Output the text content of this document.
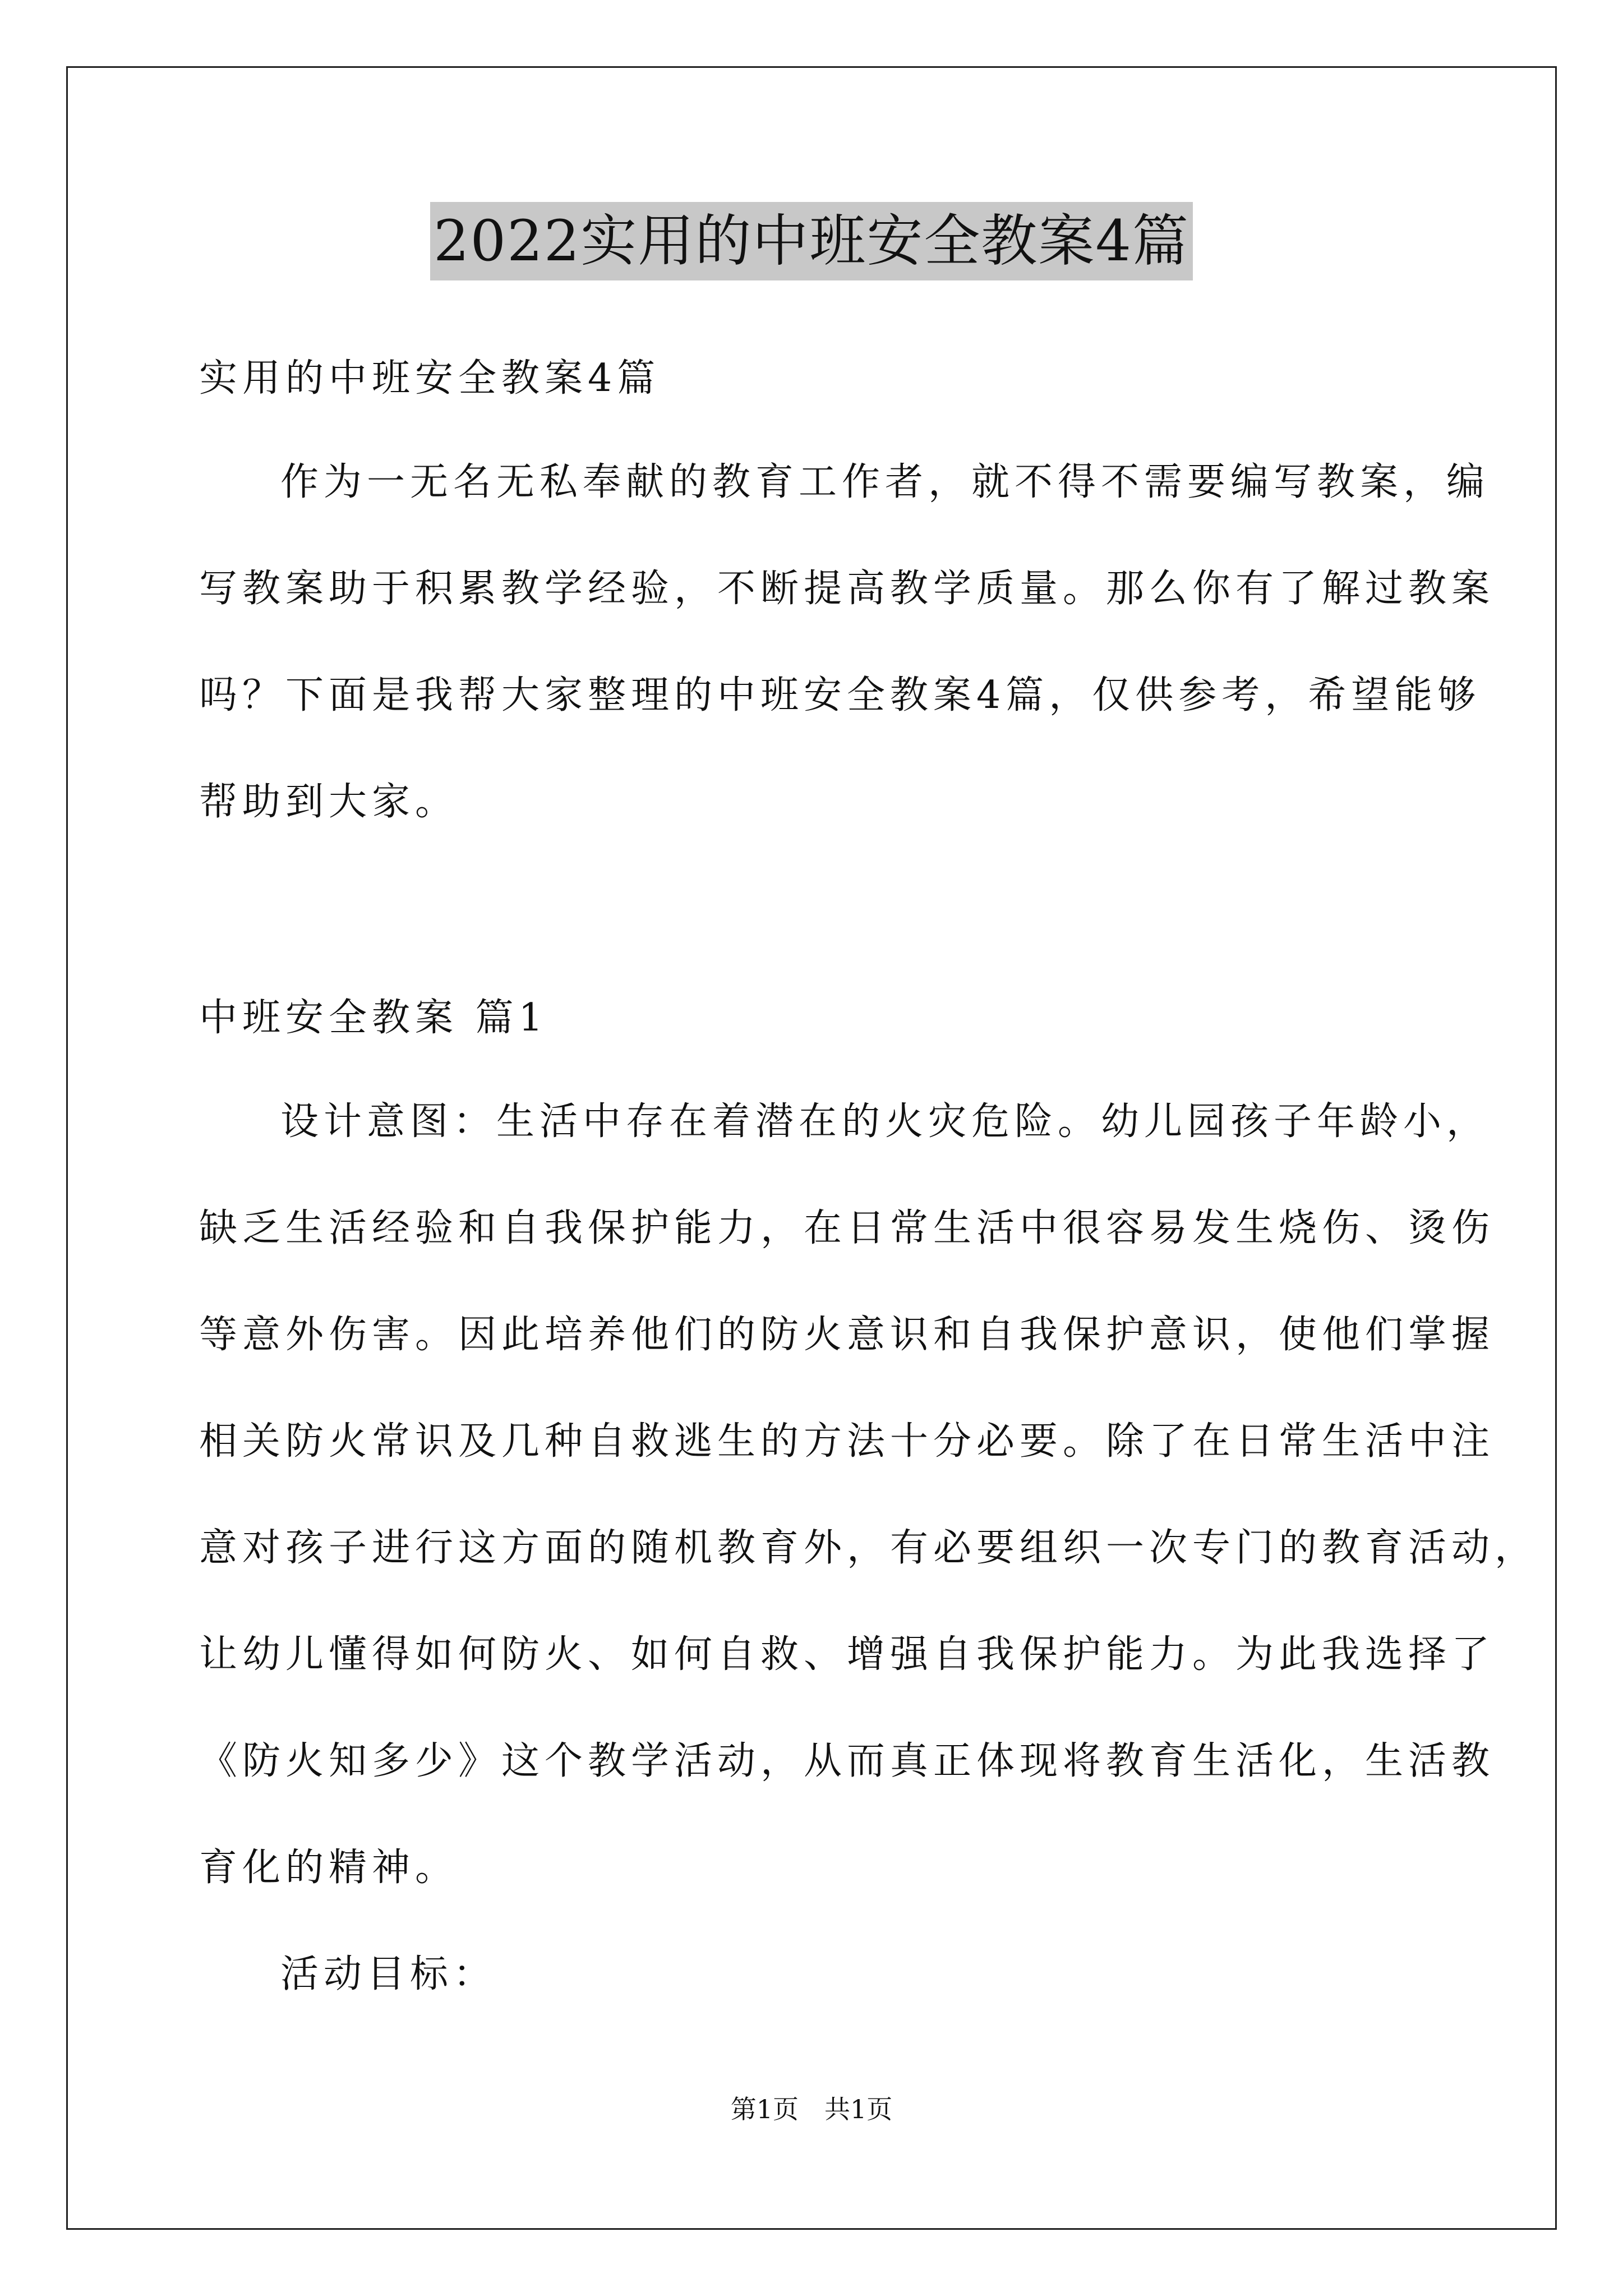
2022实用的中班安全教案4篇
实用的中班安全教案4篇
作为一无名无私奉献的教育工作者，就不得不需要编写教案，编
写教案助于积累教学经验，不断提高教学质量。那么你有了解过教案
吗？下面是我帮大家整理的中班安全教案4篇，仅供参考，希望能够
帮助到大家。
中班安全教案 篇1
设计意图：生活中存在着潜在的火灾危险。幼儿园孩子年龄小，
缺乏生活经验和自我保护能力，在日常生活中很容易发生烧伤、烫伤
等意外伤害。因此培养他们的防火意识和自我保护意识，使他们掌握
相关防火常识及几种自救逃生的方法十分必要。除了在日常生活中注
意对孩子进行这方面的随机教育外，有必要组织一次专门的教育活动，
让幼儿懂得如何防火、如何自救、增强自我保护能力。为此我选择了
《防火知多少》这个教学活动，从而真正体现将教育生活化，生活教
育化的精神。
活动目标：
第1页　共1页
